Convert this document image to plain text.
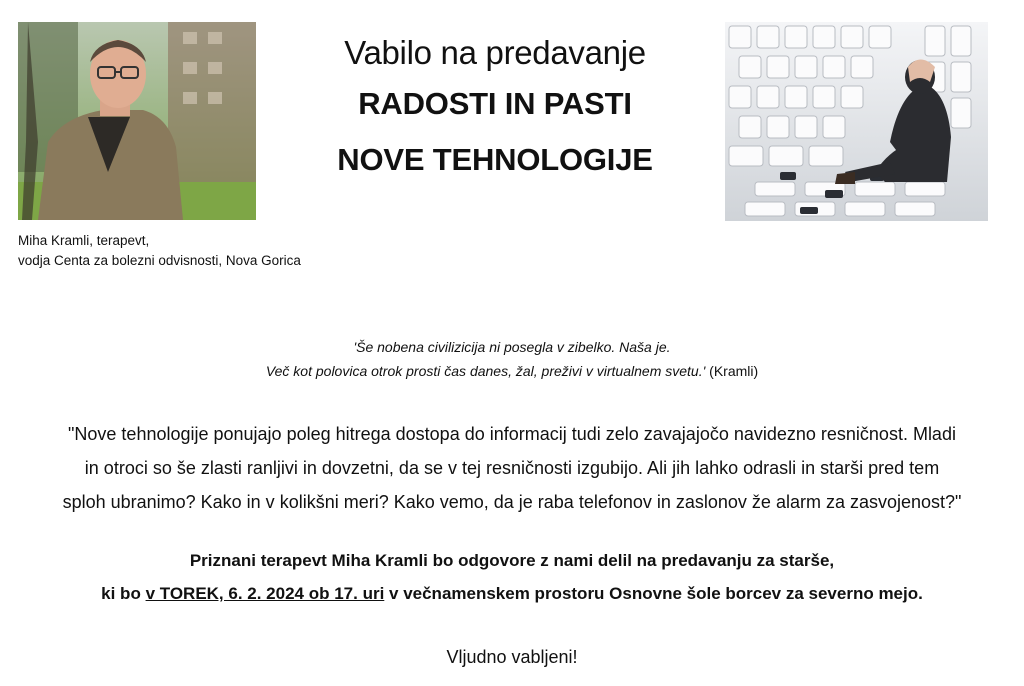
Miha Kramli, terapevt,
vodja Centa za bolezni odvisnosti, Nova Gorica
Vabilo na predavanje
RADOSTI IN PASTI
NOVE TEHNOLOGIJE
'Še nobena civilizicija ni posegla v zibelko. Naša je.
Več kot polovica otrok prosti čas danes, žal, preživi v virtualnem svetu.' (Kramli)
"Nove tehnologije ponujajo poleg hitrega dostopa do informacij tudi zelo zavajajočo navidezno resničnost. Mladi
in otroci so še zlasti ranljivi in dovzetni, da se v tej resničnosti izgubijo. Ali jih lahko odrasli in starši pred tem
sploh ubranimo? Kako in v kolikšni meri? Kako vemo, da je raba telefonov in zaslonov že alarm za zasvojenost?"
Priznani terapevt Miha Kramli bo odgovore z nami delil na predavanju za starše,
ki bo v TOREK, 6. 2. 2024 ob 17. uri v večnamenskem prostoru Osnovne šole borcev za severno mejo.
Vljudno vabljeni!
